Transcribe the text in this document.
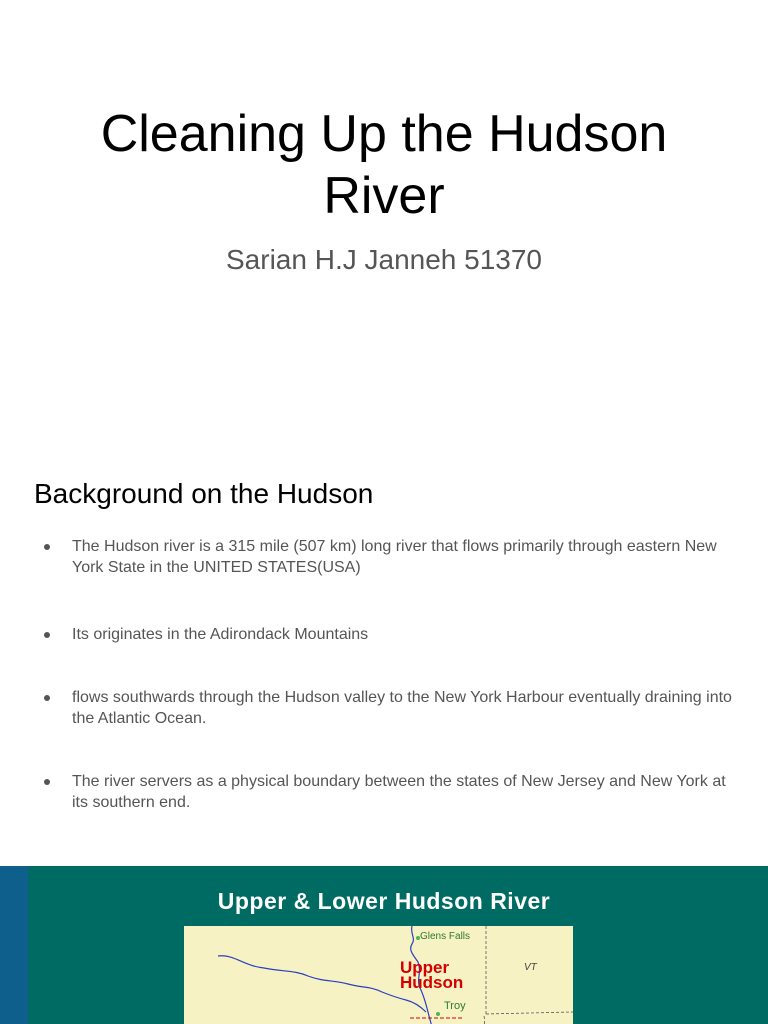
Cleaning Up the Hudson River
Sarian H.J Janneh 51370
Background on the Hudson
The Hudson river is a 315 mile (507 km) long river that flows primarily through eastern New York State in the UNITED STATES(USA)
Its originates in the Adirondack Mountains
flows southwards through the Hudson valley to the New York Harbour eventually draining into the Atlantic Ocean.
The river servers as a physical boundary between the states of New Jersey and New York at its southern end.
Upper & Lower Hudson River
Glens Falls
Upper
Hudson
VT
Troy
